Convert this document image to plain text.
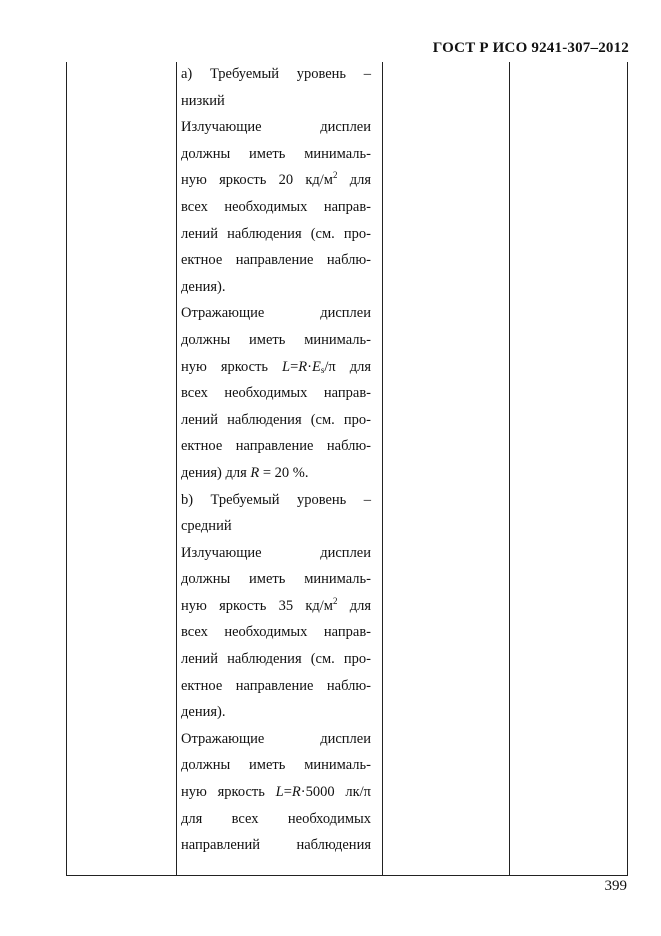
ГОСТ Р ИСО 9241-307–2012
a) Требуемый уровень –
низкий
Излучающие дисплеи
должны иметь минималь-
ную яркость 20 $кд/м^2$ для
всех необходимых направ-
лений наблюдения (см. про-
ектное направление наблю-
дения).
Отражающие дисплеи
должны иметь минималь-
ную яркость $L=R\cdot E_s/\pi$ для
всех необходимых направ-
лений наблюдения (см. про-
ектное направление наблю-
дения) для R = 20 %.
b) Требуемый уровень –
средний
Излучающие дисплеи
должны иметь минималь-
ную яркость 35 $кд/м^2$ для
всех необходимых направ-
лений наблюдения (см. про-
ектное направление наблю-
дения).
Отражающие дисплеи
должны иметь минималь-
ную яркость L=R·5000 лк/π
для всех необходимых
направлений наблюдения
399
